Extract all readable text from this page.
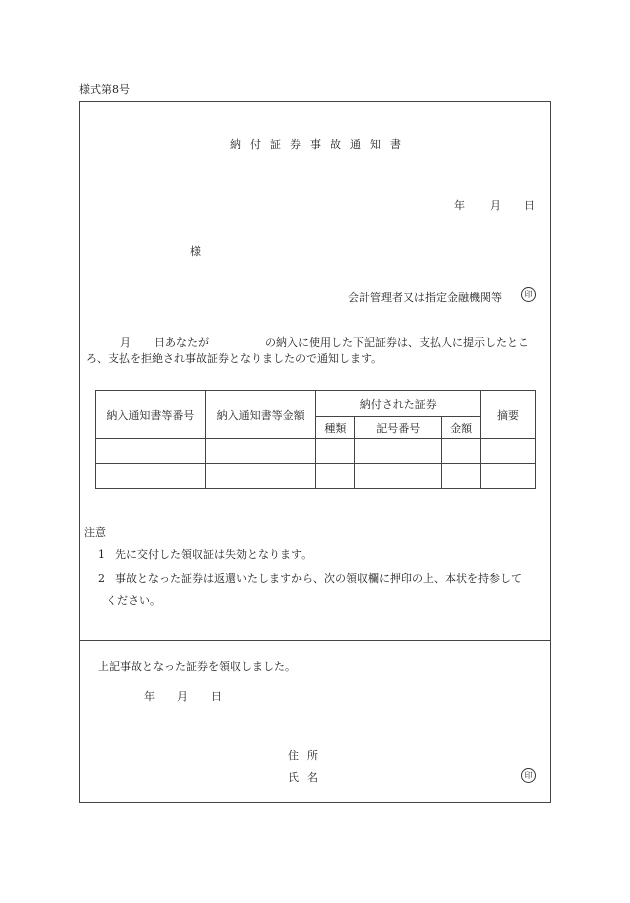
様式第8号
納付証券事故通知書
年 月 日
様
会計管理者又は指定金融機関等	印
月 日あなたが	の納入に使用した下記証券は、支払人に提示したとこ
ろ、支払を拒絶され事故証券となりましたので通知します。
納入通知書等番号	納入通知書等金額	納付された証券			摘要
		種類	記号番号	金額	

注意
1 先に交付した領収証は失効となります。
2 事故となった証券は返還いたしますから、次の領収欄に押印の上、本状を持参して
ください。
上記事故となった証券を領収しました。
年 月 日
住 所
氏 名	印
